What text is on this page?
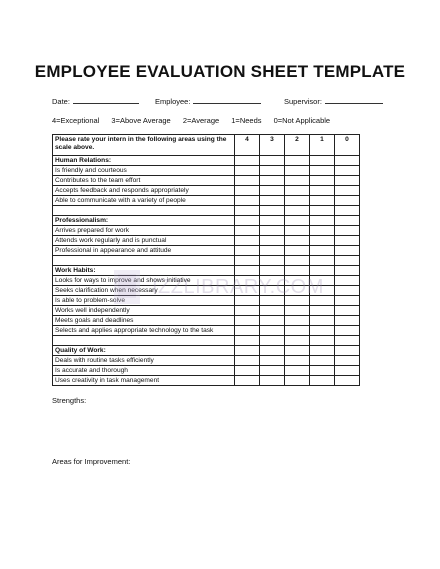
EMPLOYEE EVALUATION SHEET TEMPLATE
Date:	Employee:	Supervisor:
4=Exceptional 3=Above Average 2=Average 1=Needs 0=Not Applicable
Please rate your intern in the following areas using the scale above.	4	3	2	1	0
Human Relations:					
Is friendly and courteous					
Contributes to the team effort					
Accepts feedback and responds appropriately					
Able to communicate with a variety of people					

Professionalism:					
Arrives prepared for work					
Attends work regularly and is punctual					
Professional in appearance and attitude					

Work Habits:					
Looks for ways to improve and shows initiative					
Seeks clarification when necessary					
Is able to problem-solve					
Works well independently					
Meets goals and deadlines					
Selects and applies appropriate technology to the task					

Quality of Work:					
Deals with routine tasks efficiently					
Is accurate and thorough					
Uses creativity in task management					
Strengths:
Areas for Improvement:
IZZLIBRARY.COM
